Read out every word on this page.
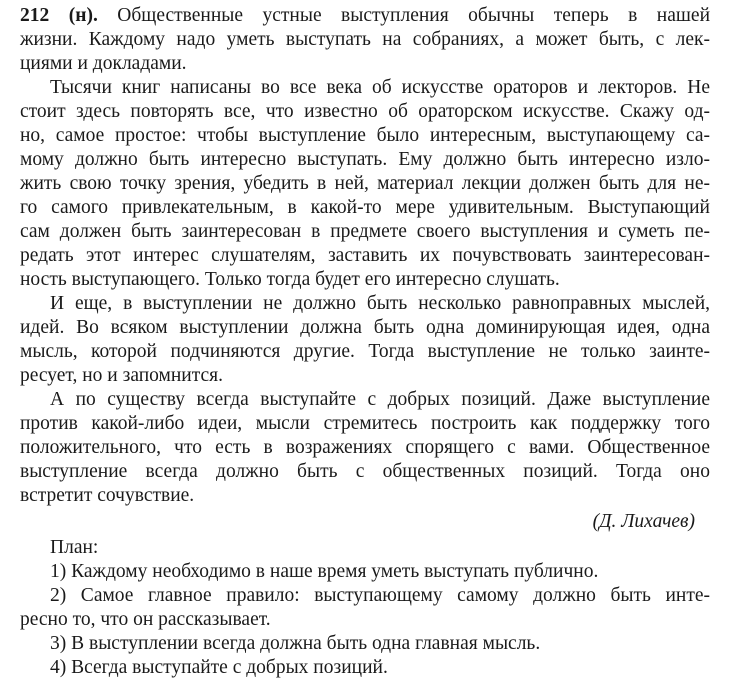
212 (н). Общественные устные выступления обычны теперь в нашей
жизни. Каждому надо уметь выступать на собраниях, а может быть, с лек-
циями и докладами.
Тысячи книг написаны во все века об искусстве ораторов и лекторов. Не
стоит здесь повторять все, что известно об ораторском искусстве. Скажу од-
но, самое простое: чтобы выступление было интересным, выступающему са-
мому должно быть интересно выступать. Ему должно быть интересно изло-
жить свою точку зрения, убедить в ней, материал лекции должен быть для не-
го самого привлекательным, в какой-то мере удивительным. Выступающий
сам должен быть заинтересован в предмете своего выступления и суметь пе-
редать этот интерес слушателям, заставить их почувствовать заинтересован-
ность выступающего. Только тогда будет его интересно слушать.
И еще, в выступлении не должно быть несколько равноправных мыслей,
идей. Во всяком выступлении должна быть одна доминирующая идея, одна
мысль, которой подчиняются другие. Тогда выступление не только заинте-
ресует, но и запомнится.
А по существу всегда выступайте с добрых позиций. Даже выступление
против какой-либо идеи, мысли стремитесь построить как поддержку того
положительного, что есть в возражениях спорящего с вами. Общественное
выступление всегда должно быть с общественных позиций. Тогда оно
встретит сочувствие.
(Д. Лихачев)
План:
1) Каждому необходимо в наше время уметь выступать публично.
2) Самое главное правило: выступающему самому должно быть инте-
ресно то, что он рассказывает.
3) В выступлении всегда должна быть одна главная мысль.
4) Всегда выступайте с добрых позиций.
